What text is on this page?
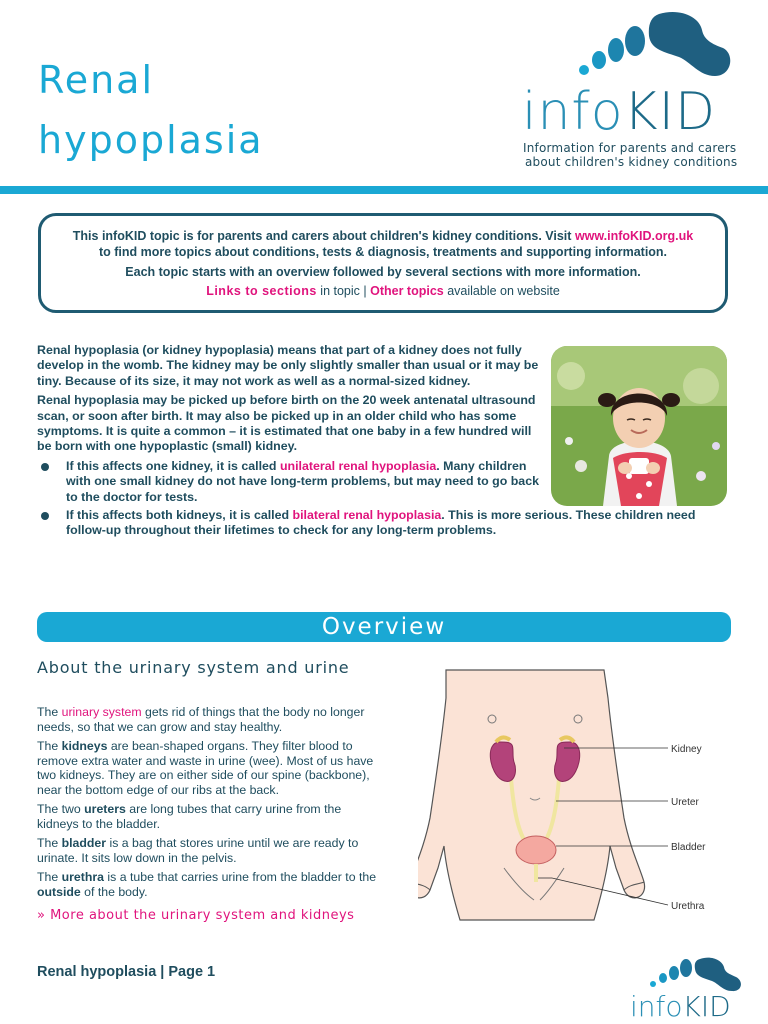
Renal
hypoplasia	infoKID
Information for parents and carers
about children's kidney conditions

This infoKID topic is for parents and carers about children's kidney conditions. Visit www.infoKID.org.uk

to find more topics about conditions, tests & diagnosis, treatments and supporting information.

Each topic starts with an overview followed by several sections with more information.

Links to sections in topic | Other topics available on website

Renal hypoplasia (or kidney hypoplasia) means that part of a kidney does not fully develop in the womb. The kidney may be only slightly smaller than usual or it may be tiny. Because of its size, it may not work as well as a normal-sized kidney.

Renal hypoplasia may be picked up before birth on the 20 week antenatal ultrasound scan, or soon after birth. It may also be picked up in an older child who has some symptoms. It is quite a common – it is estimated that one baby in a few hundred will be born with one hypoplastic (small) kidney.

If this affects one kidney, it is called unilateral renal hypoplasia. Many children with one small kidney do not have long-term problems, but may need to go back to the doctor for tests.
If this affects both kidneys, it is called bilateral renal hypoplasia. This is more serious. These children need follow-up throughout their lifetimes to check for any long-term problems.
Overview
About the urinary system and urine

The urinary system gets rid of things that the body no longer needs, so that we can grow and stay healthy.

The kidneys are bean-shaped organs. They filter blood to remove extra water and waste in urine (wee). Most of us have two kidneys. They are on either side of our spine (backbone), near the bottom edge of our ribs at the back.

The two ureters are long tubes that carry urine from the kidneys to the bladder.

The bladder is a bag that stores urine until we are ready to urinate. It sits low down in the pelvis.

The urethra is a tube that carries urine from the bladder to the outside of the body.

» More about the urinary system and kidneys
Kidney
Ureter
Bladder
Urethra
Renal hypoplasia | Page 1
infoKID
